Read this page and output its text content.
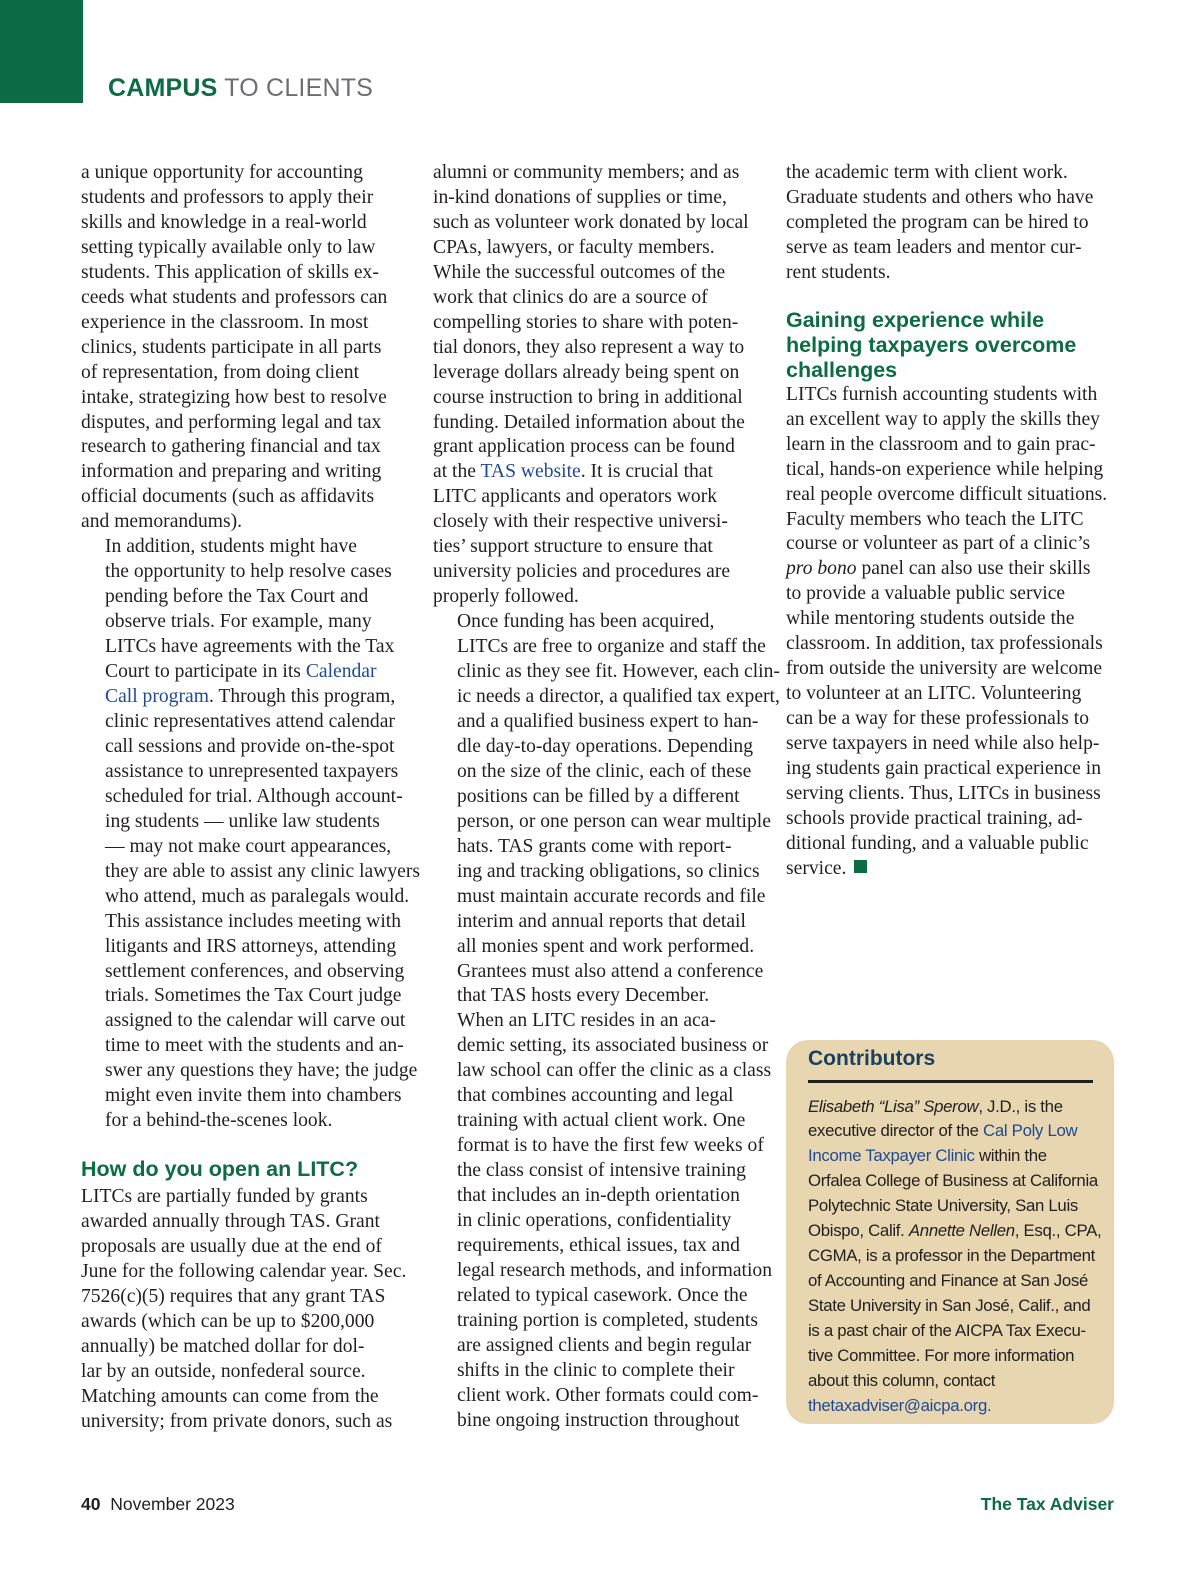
CAMPUS TO CLIENTS

a unique opportunity for accounting
students and professors to apply their
skills and knowledge in a real-world
setting typically available only to law
students. This application of skills ex-
ceeds what students and professors can
experience in the classroom. In most
clinics, students participate in all parts
of representation, from doing client
intake, strategizing how best to resolve
disputes, and performing legal and tax
research to gathering financial and tax
information and preparing and writing
official documents (such as affidavits
and memorandums).

In addition, students might have
the opportunity to help resolve cases
pending before the Tax Court and
observe trials. For example, many
LITCs have agreements with the Tax
Court to participate in its Calendar
Call program. Through this program,
clinic representatives attend calendar
call sessions and provide on-the-spot
assistance to unrepresented taxpayers
scheduled for trial. Although account-
ing students — unlike law students
— may not make court appearances,
they are able to assist any clinic lawyers
who attend, much as paralegals would.
This assistance includes meeting with
litigants and IRS attorneys, attending
settlement conferences, and observing
trials. Sometimes the Tax Court judge
assigned to the calendar will carve out
time to meet with the students and an-
swer any questions they have; the judge
might even invite them into chambers
for a behind-the-scenes look.

How do you open an LITC?

LITCs are partially funded by grants
awarded annually through TAS. Grant
proposals are usually due at the end of
June for the following calendar year. Sec.
7526(c)(5) requires that any grant TAS
awards (which can be up to $200,000
annually) be matched dollar for dol-
lar by an outside, nonfederal source.
Matching amounts can come from the
university; from private donors, such as

alumni or community members; and as
in-kind donations of supplies or time,
such as volunteer work donated by local
CPAs, lawyers, or faculty members.
While the successful outcomes of the
work that clinics do are a source of
compelling stories to share with poten-
tial donors, they also represent a way to
leverage dollars already being spent on
course instruction to bring in additional
funding. Detailed information about the
grant application process can be found
at the TAS website. It is crucial that
LITC applicants and operators work
closely with their respective universi-
ties’ support structure to ensure that
university policies and procedures are
properly followed.

Once funding has been acquired,
LITCs are free to organize and staff the
clinic as they see fit. However, each clin-
ic needs a director, a qualified tax expert,
and a qualified business expert to han-
dle day-to-day operations. Depending
on the size of the clinic, each of these
positions can be filled by a different
person, or one person can wear multiple
hats. TAS grants come with report-
ing and tracking obligations, so clinics
must maintain accurate records and file
interim and annual reports that detail
all monies spent and work performed.
Grantees must also attend a conference
that TAS hosts every December.

When an LITC resides in an aca-
demic setting, its associated business or
law school can offer the clinic as a class
that combines accounting and legal
training with actual client work. One
format is to have the first few weeks of
the class consist of intensive training
that includes an in-depth orientation
in clinic operations, confidentiality
requirements, ethical issues, tax and
legal research methods, and information
related to typical casework. Once the
training portion is completed, students
are assigned clients and begin regular
shifts in the clinic to complete their
client work. Other formats could com-
bine ongoing instruction throughout

the academic term with client work.
Graduate students and others who have
completed the program can be hired to
serve as team leaders and mentor cur-
rent students.

Gaining experience while
helping taxpayers overcome
challenges

LITCs furnish accounting students with
an excellent way to apply the skills they
learn in the classroom and to gain prac-
tical, hands-on experience while helping
real people overcome difficult situations.
Faculty members who teach the LITC
course or volunteer as part of a clinic’s
pro bono panel can also use their skills
to provide a valuable public service
while mentoring students outside the
classroom. In addition, tax professionals
from outside the university are welcome
to volunteer at an LITC. Volunteering
can be a way for these professionals to
serve taxpayers in need while also help-
ing students gain practical experience in
serving clients. Thus, LITCs in business
schools provide practical training, ad-
ditional funding, and a valuable public
service.

Contributors
Elisabeth “Lisa” Sperow, J.D., is the
executive director of the Cal Poly Low
Income Taxpayer Clinic within the
Orfalea College of Business at California
Polytechnic State University, San Luis
Obispo, Calif. Annette Nellen, Esq., CPA,
CGMA, is a professor in the Department
of Accounting and Finance at San José
State University in San José, Calif., and
is a past chair of the AICPA Tax Execu-
tive Committee. For more information
about this column, contact
thetaxadviser@aicpa.org.
40 November 2023	The Tax Adviser
